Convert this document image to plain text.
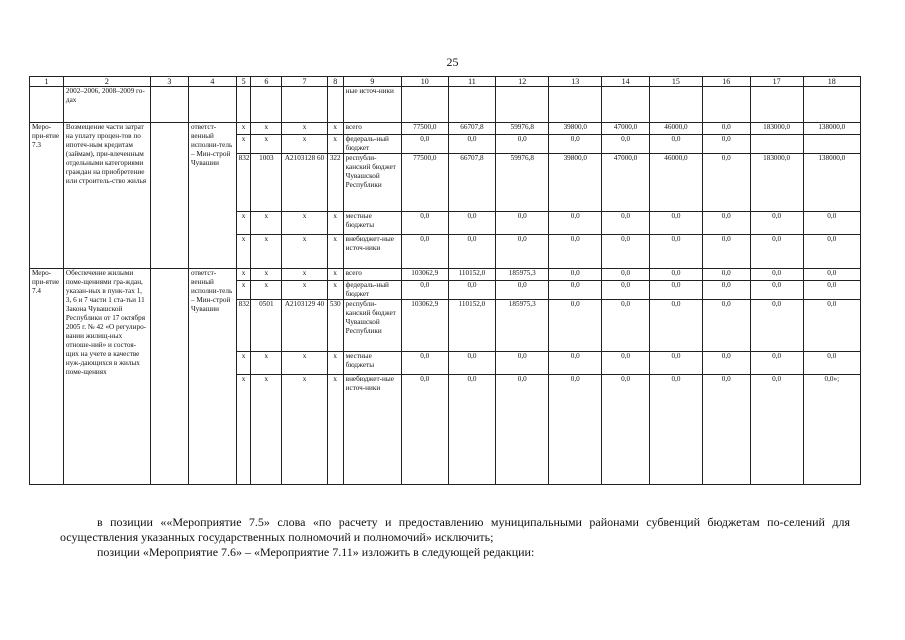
25
1	2	3	4	5	6	7	8	9	10	11	12	13	14	15	16	17	18
	2002–2006, 2008–2009 го-дах							ные источ-ники									
Меро-при-ятие 7.3	Возмещение части затрат на уплату процен-тов по ипотеч-ным кредитам (займам), при-влеченным отдельными категориями граждан на приобретение или строитель-ство жилья		ответст-венный исполни-тель – Мин-строй Чувашии	x	x	x	x	всего	77500,0	66707,8	59976,8	39800,0	47000,0	46000,0	0,0	183000,0	138000,0
				x	x	x	x	федераль-ный бюджет	0,0	0,0	0,0	0,0	0,0	0,0	0,0		
				832	1003	А2103128 60	322	республи-канский бюджет Чувашской Республики	77500,0	66707,8	59976,8	39800,0	47000,0	46000,0	0,0	183000,0	138000,0
				x	x	x	x	местные бюджеты	0,0	0,0	0,0	0,0	0,0	0,0	0,0	0,0	0,0
				x	x	x	x	внебюджет-ные источ-ники	0,0	0,0	0,0	0,0	0,0	0,0	0,0	0,0	0,0
Меро-при-ятие 7.4	Обеспечение жилыми поме-щениями гра-ждан, указан-ных в пунк-тах 1, 3, 6 и 7 части 1 ста-тьи 11 Закона Чувашской Республики от 17 октября 2005 г. № 42 «О регулиро-вании жилищ-ных отноше-ний» и состоя-щих на учете в качестве нуж-дающихся в жилых поме-щениях		ответст-венный исполни-тель – Мин-строй Чувашии	x	x	x	x	всего	103062,9	110152,0	185975,3	0,0	0,0	0,0	0,0	0,0	0,0
				x	x	x	x	федераль-ный бюджет	0,0	0,0	0,0	0,0	0,0	0,0	0,0	0,0	0,0
				832	0501	А2103129 40	530	республи-канский бюджет Чувашской Республики	103062,9	110152,0	185975,3	0,0	0,0	0,0	0,0	0,0	0,0
				x	x	x	x	местные бюджеты	0,0	0,0	0,0	0,0	0,0	0,0	0,0	0,0	0,0
				x	x	x	x	внебюджет-ные источ-ники	0,0	0,0	0,0	0,0	0,0	0,0	0,0	0,0	0,0»;
в позиции ««Мероприятие 7.5» слова «по расчету и предоставлению муниципальными районами субвенций бюджетам по-селений для осуществления указанных государственных полномочий и полномочий» исключить;
позиции «Мероприятие 7.6» – «Мероприятие 7.11» изложить в следующей редакции:
